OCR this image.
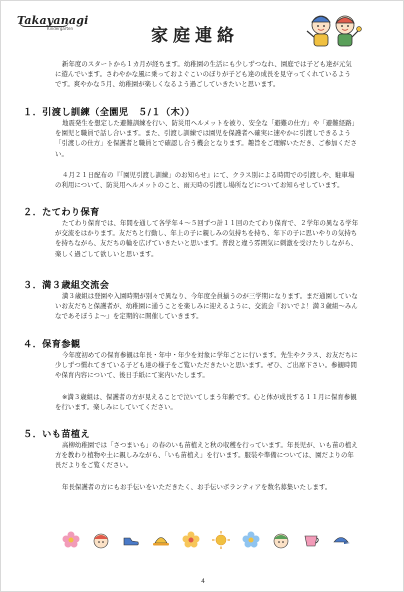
Takayanagi
Kindergarten	家庭連絡

新年度のスタートから１カ月が経ちます。幼稚園の生活にも少しずつなれ、園庭では子ども達が元気に遊んでいます。さわやかな風に乗っておよぐこいのぼりが子ども達の成長を見守ってくれているようです。爽やかな５月、幼稚園が楽しくなるよう過ごしていきたいと思います。

１．引渡し訓練（全園児　５/１（木））

地震発生を想定した避難訓練を行い、防災用ヘルメットを被り、安全な「避難の仕方」や「避難経路」を園児と職員で話し合います。また、引渡し訓練では園児を保護者へ確実に速やかに引渡しできるよう「引渡しの仕方」を保護者と職員とで確認し合う機会となります。趣旨をご理解いただき、ご参加ください。

４月２１日配布の『「園児引渡し訓練」のお知らせ』にて、クラス別による時間での引渡しや、駐車場の利用について、防災用ヘルメットのこと、雨天時の引渡し場所などについてお知らせしています。

２．たてわり保育

たてわり保育では、年間を通して各学年４～５回ずつ計１１回のたてわり保育で、２学年の異なる学年が交流をはかります。友だちと行動し、年上の子に親しみの気持ちを持ち、年下の子に思いやりの気持ちを持ちながら、友だちの輪を広げていきたいと思います。普段と違う雰囲気に刺激を受けたりしながら、楽しく過ごして欲しいと思います。

３．満３歳組交流会

満３歳組は登園や入園時期が別々で異なり、今年度全員揃うのが三学期になります。まだ通園していないお友だちと保護者が、幼稚園に通うことを楽しみに迎えるように、交流会『おいでよ！満３歳組～みんなであそぼうよ～』を定期的に開催していきます。

４．保育参観

今年度初めての保育参観は年長・年中・年少を対象に学年ごとに行います。先生やクラス、お友だちに少しずつ慣れてきている子ども達の様子をご覧いただきたいと思います。ぜひ、ご出席下さい。参観時間や保育内容について、後日手紙にて案内いたします。

※満３歳組は、保護者の方が見えることで泣いてしまう年齢です。心と体が成長する１１月に保育参観を行います。楽しみにしていてください。

５．いも苗植え

高柳幼稚園では「さつまいも」の春のいも苗植えと秋の収穫を行っています。年長児が、いも苗の植え方を教わり植物や土に親しみながら、「いも苗植え」を行います。服装や準備については、園だよりの年長だよりをご覧ください。

年長保護者の方にもお手伝いをいただきたく、お手伝いボランティアを数名募集いたします。

4
